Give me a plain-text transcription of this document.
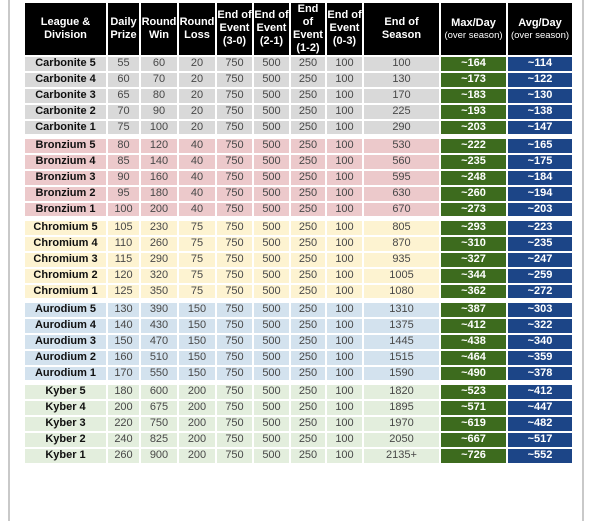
League &
Division	Daily
Prize	Round
Win	Round
Loss	End of
Event
(3-0)	End of
Event
(2-1)	End of
Event
(1-2)	End of
Event
(0-3)	End of
Season	Max/Day
(over season)	Avg/Day
(over season)

Carbonite 5	55	60	20	750	500	250	100	100	~164	~114
Carbonite 4	60	70	20	750	500	250	100	130	~173	~122
Carbonite 3	65	80	20	750	500	250	100	170	~183	~130
Carbonite 2	70	90	20	750	500	250	100	225	~193	~138
Carbonite 1	75	100	20	750	500	250	100	290	~203	~147
Bronzium 5	80	120	40	750	500	250	100	530	~222	~165
Bronzium 4	85	140	40	750	500	250	100	560	~235	~175
Bronzium 3	90	160	40	750	500	250	100	595	~248	~184
Bronzium 2	95	180	40	750	500	250	100	630	~260	~194
Bronzium 1	100	200	40	750	500	250	100	670	~273	~203
Chromium 5	105	230	75	750	500	250	100	805	~293	~223
Chromium 4	110	260	75	750	500	250	100	870	~310	~235
Chromium 3	115	290	75	750	500	250	100	935	~327	~247
Chromium 2	120	320	75	750	500	250	100	1005	~344	~259
Chromium 1	125	350	75	750	500	250	100	1080	~362	~272
Aurodium 5	130	390	150	750	500	250	100	1310	~387	~303
Aurodium 4	140	430	150	750	500	250	100	1375	~412	~322
Aurodium 3	150	470	150	750	500	250	100	1445	~438	~340
Aurodium 2	160	510	150	750	500	250	100	1515	~464	~359
Aurodium 1	170	550	150	750	500	250	100	1590	~490	~378
Kyber 5	180	600	200	750	500	250	100	1820	~523	~412
Kyber 4	200	675	200	750	500	250	100	1895	~571	~447
Kyber 3	220	750	200	750	500	250	100	1970	~619	~482
Kyber 2	240	825	200	750	500	250	100	2050	~667	~517
Kyber 1	260	900	200	750	500	250	100	2135+	~726	~552
